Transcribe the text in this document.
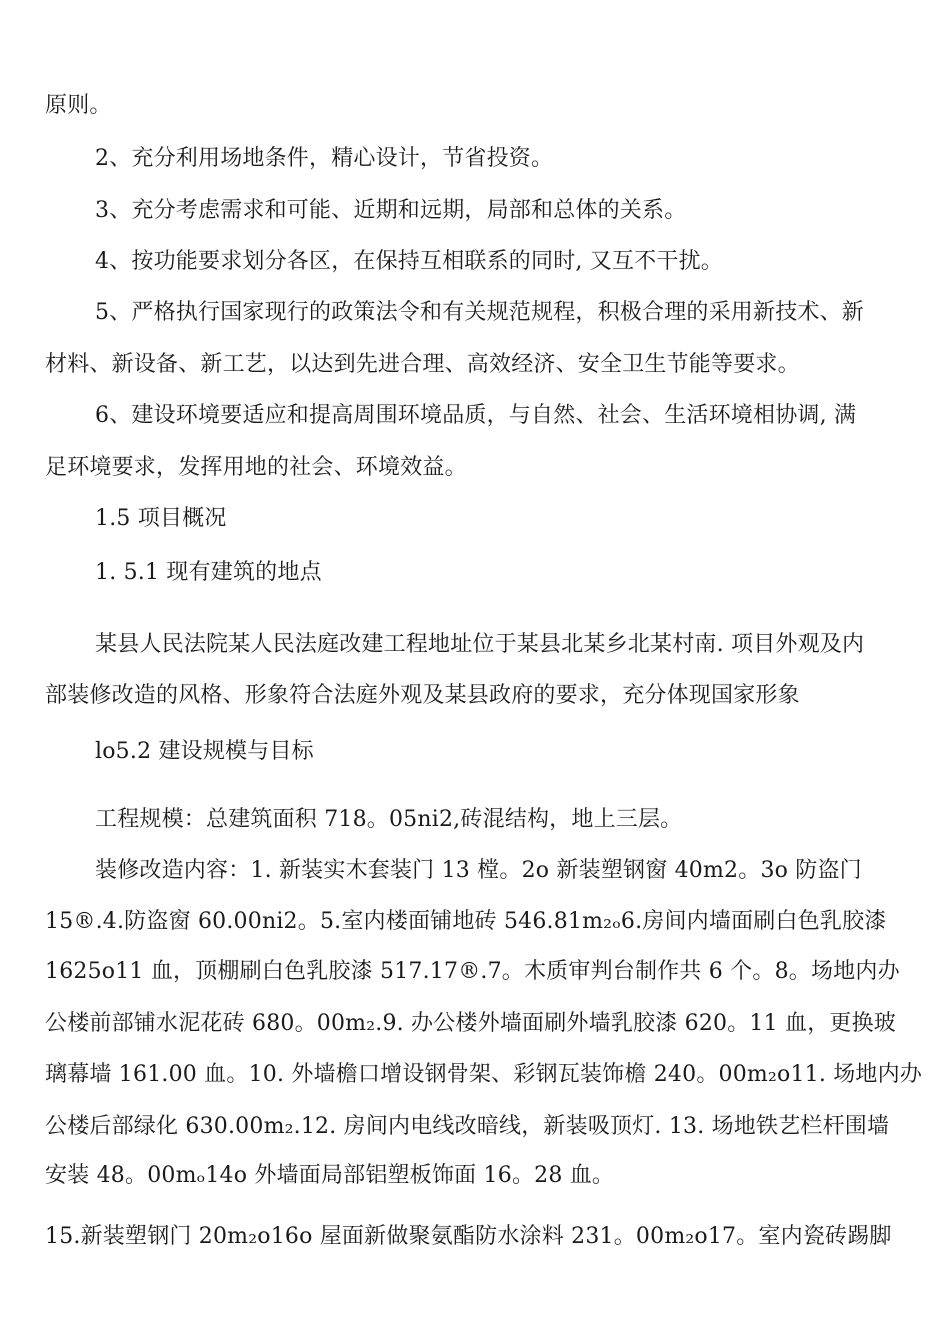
原则。
2、充分利用场地条件，精心设计，节省投资。
3、充分考虑需求和可能、近期和远期，局部和总体的关系。
4、按功能要求划分各区，在保持互相联系的同时, 又互不干扰。
5、严格执行国家现行的政策法令和有关规范规程，积极合理的采用新技术、新
材料、新设备、新工艺，以达到先进合理、高效经济、安全卫生节能等要求。
6、建设环境要适应和提高周围环境品质，与自然、社会、生活环境相协调, 满
足环境要求，发挥用地的社会、环境效益。
1.5 项目概况
1. 5.1 现有建筑的地点
某县人民法院某人民法庭改建工程地址位于某县北某乡北某村南. 项目外观及内
部装修改造的风格、形象符合法庭外观及某县政府的要求，充分体现国家形象
lo5.2 建设规模与目标
工程规模：总建筑面积 718。05ni2,砖混结构，地上三层。
装修改造内容：1. 新装实木套装门 13 樘。2o 新装塑钢窗 40m2。3o 防盗门
15®.4.防盗窗 60.00ni2。5.室内楼面铺地砖 546.81m₂ₒ6.房间内墙面刷白色乳胶漆
1625o11 血，顶棚刷白色乳胶漆 517.17®.7。木质审判台制作共 6 个。8。场地内办
公楼前部铺水泥花砖 680。00m₂.9. 办公楼外墙面刷外墙乳胶漆 620。11 血，更换玻
璃幕墙 161.00 血。10. 外墙檐口增设钢骨架、彩钢瓦装饰檐 240。00m₂o11. 场地内办
公楼后部绿化 630.00m₂.12. 房间内电线改暗线，新装吸顶灯. 13. 场地铁艺栏杆围墙
安装 48。00mₒ14o 外墙面局部铝塑板饰面 16。28 血。
15.新装塑钢门 20m₂o16o 屋面新做聚氨酯防水涂料 231。00m₂o17。室内瓷砖踢脚
